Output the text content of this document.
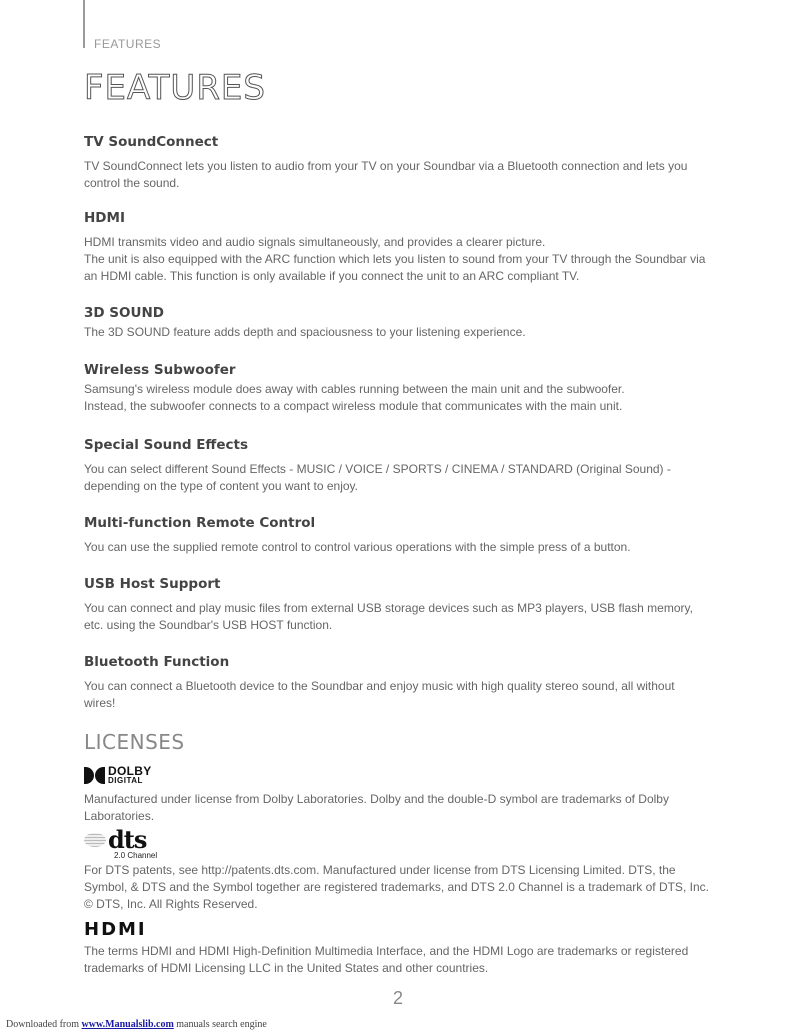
FEATURES
FEATURES
TV SoundConnect

TV SoundConnect lets you listen to audio from your TV on your Soundbar via a Bluetooth connection and lets you control the sound.

HDMI

HDMI transmits video and audio signals simultaneously, and provides a clearer picture.

The unit is also equipped with the ARC function which lets you listen to sound from your TV through the Soundbar via an HDMI cable. This function is only available if you connect the unit to an ARC compliant TV.

3D SOUND

The 3D SOUND feature adds depth and spaciousness to your listening experience.

Wireless Subwoofer

Samsung's wireless module does away with cables running between the main unit and the subwoofer.

Instead, the subwoofer connects to a compact wireless module that communicates with the main unit.

Special Sound Effects

You can select different Sound Effects - MUSIC / VOICE / SPORTS / CINEMA / STANDARD (Original Sound) - depending on the type of content you want to enjoy.

Multi-function Remote Control

You can use the supplied remote control to control various operations with the simple press of a button.

USB Host Support

You can connect and play music files from external USB storage devices such as MP3 players, USB flash memory, etc. using the Soundbar's USB HOST function.

Bluetooth Function

You can connect a Bluetooth device to the Soundbar and enjoy music with high quality stereo sound, all without wires!

LICENSES
DOLBY
DIGITAL

Manufactured under license from Dolby Laboratories. Dolby and the double-D symbol are trademarks of Dolby Laboratories.

dts
2.0 Channel

For DTS patents, see http://patents.dts.com. Manufactured under license from DTS Licensing Limited. DTS, the Symbol, & DTS and the Symbol together are registered trademarks, and DTS 2.0 Channel is a trademark of DTS, Inc. © DTS, Inc. All Rights Reserved.

HDMI

The terms HDMI and HDMI High-Definition Multimedia Interface, and the HDMI Logo are trademarks or registered trademarks of HDMI Licensing LLC in the United States and other countries.

2
Downloaded from www.Manualslib.com manuals search engine
